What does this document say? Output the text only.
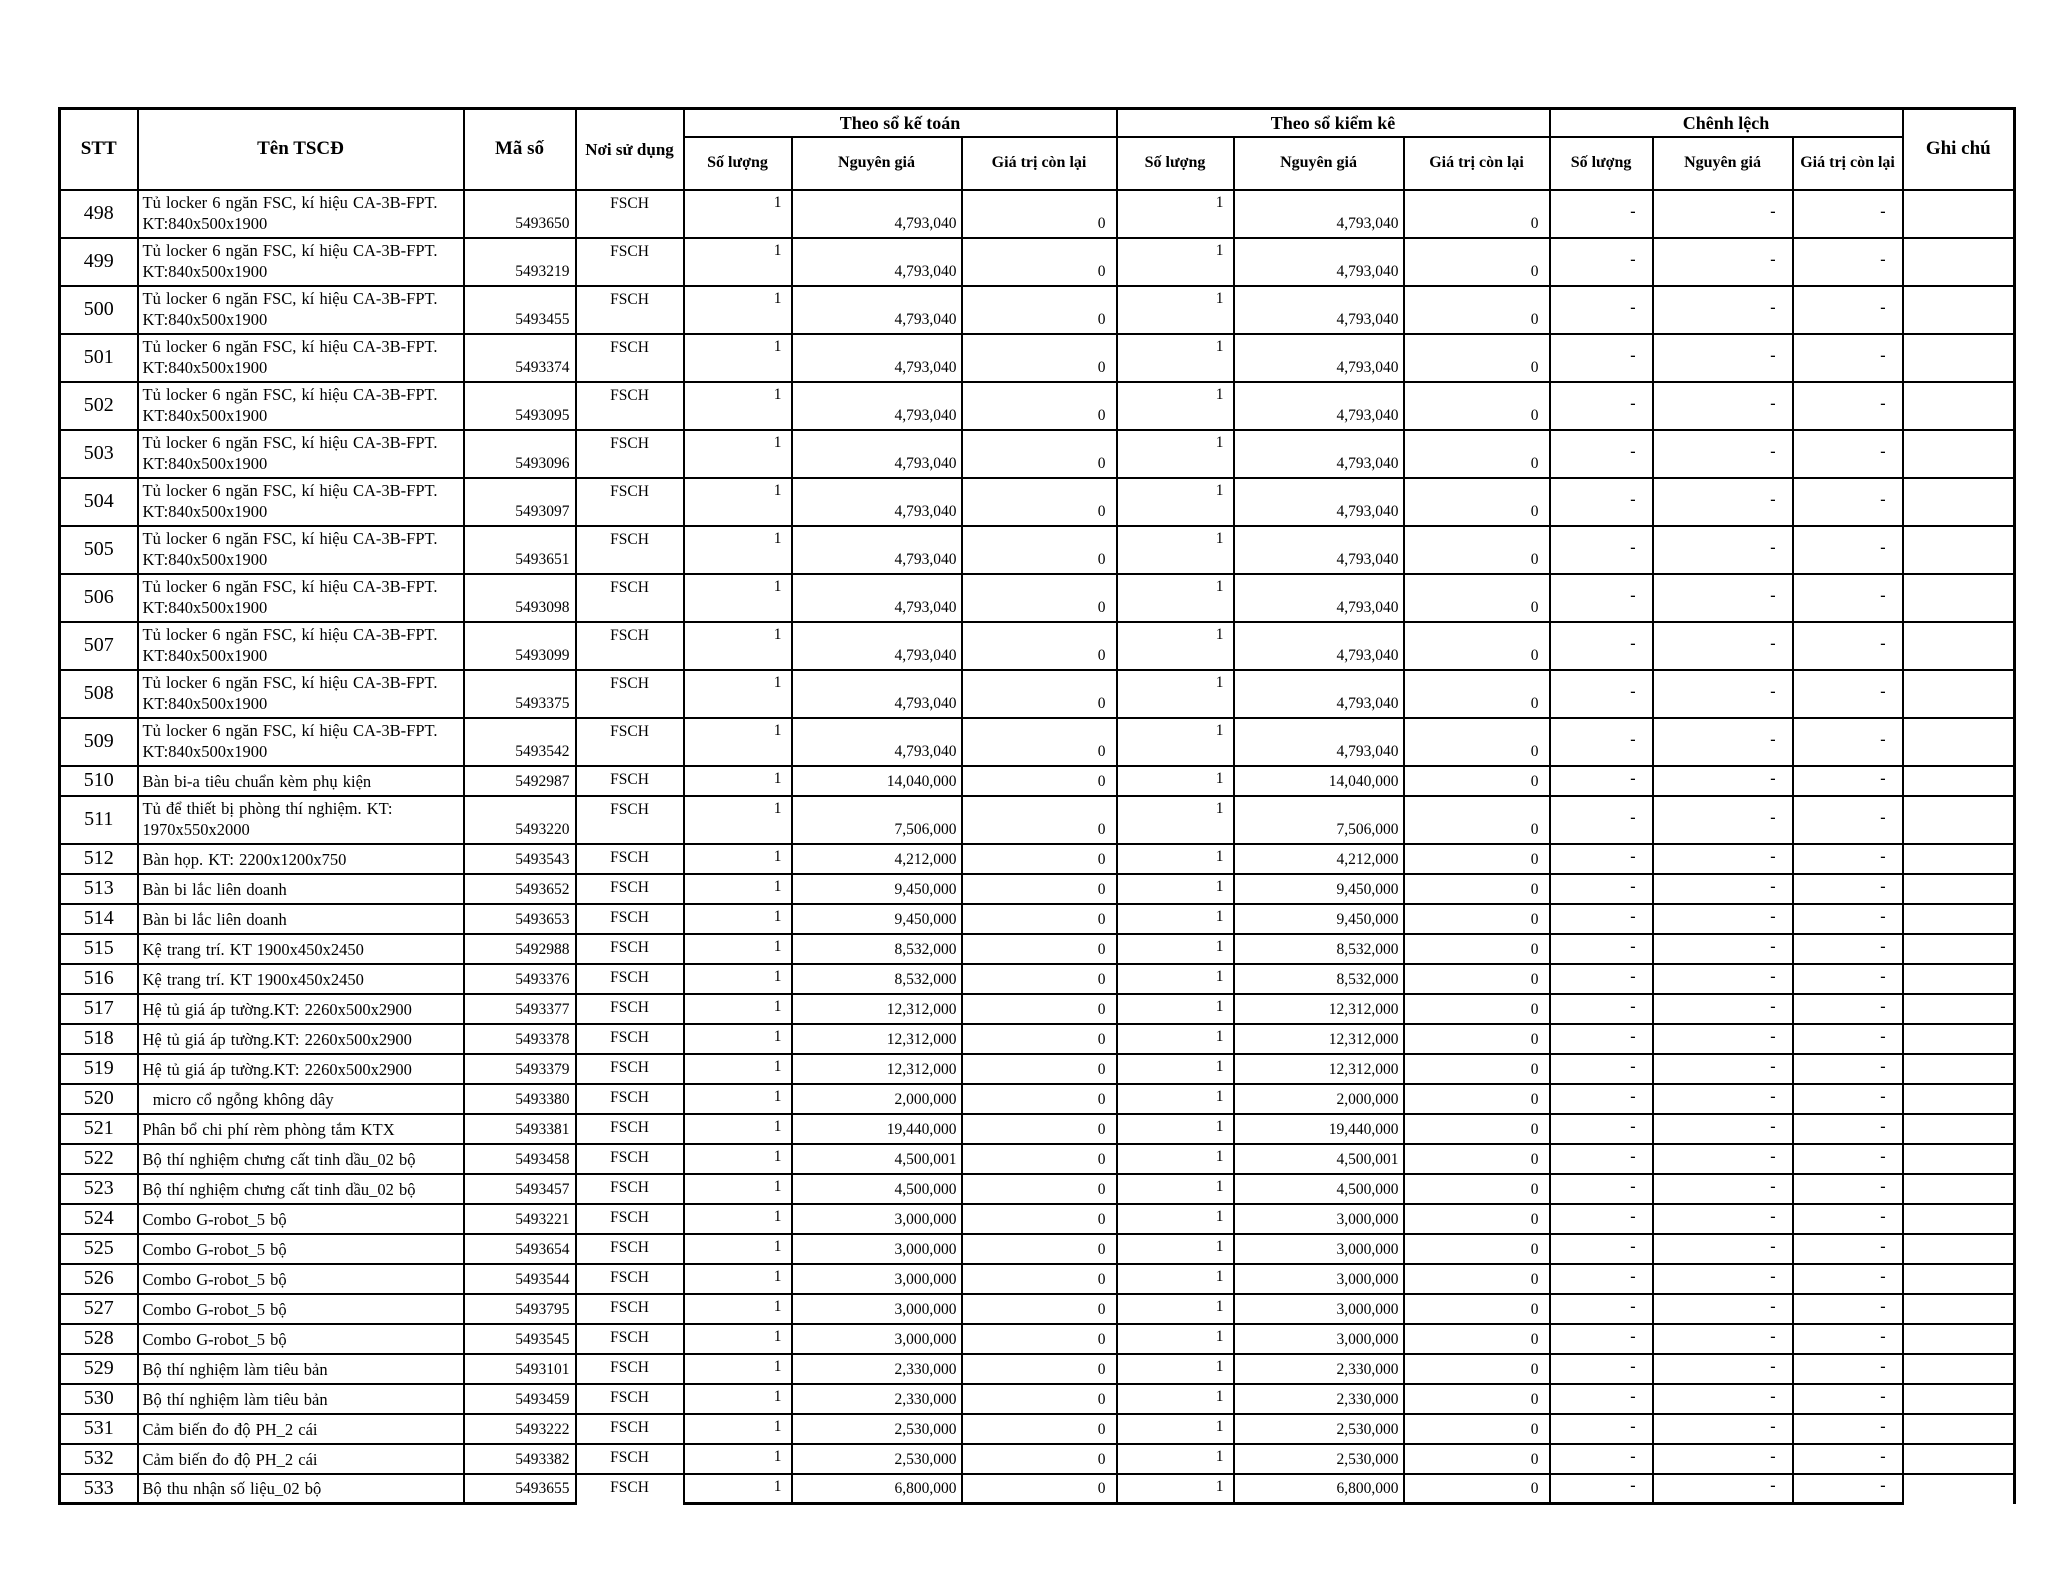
STT	Tên TSCĐ	Mã số	Nơi sử dụng	Theo sổ kế toán			Theo sổ kiểm kê			Chênh lệch			Ghi chú
				Số lượng	Nguyên giá	Giá trị còn lại	Số lượng	Nguyên giá	Giá trị còn lại	Số lượng	Nguyên giá	Giá trị còn lại	
498	Tủ locker 6 ngăn FSC, kí hiệu CA-3B-FPT. KT:840x500x1900	5493650	FSCH	1	4,793,040	0	1	4,793,040	0	-	-	-	
499	Tủ locker 6 ngăn FSC, kí hiệu CA-3B-FPT. KT:840x500x1900	5493219	FSCH	1	4,793,040	0	1	4,793,040	0	-	-	-	
500	Tủ locker 6 ngăn FSC, kí hiệu CA-3B-FPT. KT:840x500x1900	5493455	FSCH	1	4,793,040	0	1	4,793,040	0	-	-	-	
501	Tủ locker 6 ngăn FSC, kí hiệu CA-3B-FPT. KT:840x500x1900	5493374	FSCH	1	4,793,040	0	1	4,793,040	0	-	-	-	
502	Tủ locker 6 ngăn FSC, kí hiệu CA-3B-FPT. KT:840x500x1900	5493095	FSCH	1	4,793,040	0	1	4,793,040	0	-	-	-	
503	Tủ locker 6 ngăn FSC, kí hiệu CA-3B-FPT. KT:840x500x1900	5493096	FSCH	1	4,793,040	0	1	4,793,040	0	-	-	-	
504	Tủ locker 6 ngăn FSC, kí hiệu CA-3B-FPT. KT:840x500x1900	5493097	FSCH	1	4,793,040	0	1	4,793,040	0	-	-	-	
505	Tủ locker 6 ngăn FSC, kí hiệu CA-3B-FPT. KT:840x500x1900	5493651	FSCH	1	4,793,040	0	1	4,793,040	0	-	-	-	
506	Tủ locker 6 ngăn FSC, kí hiệu CA-3B-FPT. KT:840x500x1900	5493098	FSCH	1	4,793,040	0	1	4,793,040	0	-	-	-	
507	Tủ locker 6 ngăn FSC, kí hiệu CA-3B-FPT. KT:840x500x1900	5493099	FSCH	1	4,793,040	0	1	4,793,040	0	-	-	-	
508	Tủ locker 6 ngăn FSC, kí hiệu CA-3B-FPT. KT:840x500x1900	5493375	FSCH	1	4,793,040	0	1	4,793,040	0	-	-	-	
509	Tủ locker 6 ngăn FSC, kí hiệu CA-3B-FPT. KT:840x500x1900	5493542	FSCH	1	4,793,040	0	1	4,793,040	0	-	-	-	
510	Bàn bi-a tiêu chuẩn kèm phụ kiện	5492987	FSCH	1	14,040,000	0	1	14,040,000	0	-	-	-	
511	Tủ để thiết bị phòng thí nghiệm. KT: 1970x550x2000	5493220	FSCH	1	7,506,000	0	1	7,506,000	0	-	-	-	
512	Bàn họp. KT: 2200x1200x750	5493543	FSCH	1	4,212,000	0	1	4,212,000	0	-	-	-	
513	Bàn bi lắc liên doanh	5493652	FSCH	1	9,450,000	0	1	9,450,000	0	-	-	-	
514	Bàn bi lắc liên doanh	5493653	FSCH	1	9,450,000	0	1	9,450,000	0	-	-	-	
515	Kệ trang trí. KT 1900x450x2450	5492988	FSCH	1	8,532,000	0	1	8,532,000	0	-	-	-	
516	Kệ trang trí. KT 1900x450x2450	5493376	FSCH	1	8,532,000	0	1	8,532,000	0	-	-	-	
517	Hệ tủ giá áp tường.KT: 2260x500x2900	5493377	FSCH	1	12,312,000	0	1	12,312,000	0	-	-	-	
518	Hệ tủ giá áp tường.KT: 2260x500x2900	5493378	FSCH	1	12,312,000	0	1	12,312,000	0	-	-	-	
519	Hệ tủ giá áp tường.KT: 2260x500x2900	5493379	FSCH	1	12,312,000	0	1	12,312,000	0	-	-	-	
520	micro cổ ngỗng không dây	5493380	FSCH	1	2,000,000	0	1	2,000,000	0	-	-	-	
521	Phân bổ chi phí rèm phòng tắm KTX	5493381	FSCH	1	19,440,000	0	1	19,440,000	0	-	-	-	
522	Bộ thí nghiệm chưng cất tinh dầu_02 bộ	5493458	FSCH	1	4,500,001	0	1	4,500,001	0	-	-	-	
523	Bộ thí nghiệm chưng cất tinh dầu_02 bộ	5493457	FSCH	1	4,500,000	0	1	4,500,000	0	-	-	-	
524	Combo G-robot_5 bộ	5493221	FSCH	1	3,000,000	0	1	3,000,000	0	-	-	-	
525	Combo G-robot_5 bộ	5493654	FSCH	1	3,000,000	0	1	3,000,000	0	-	-	-	
526	Combo G-robot_5 bộ	5493544	FSCH	1	3,000,000	0	1	3,000,000	0	-	-	-	
527	Combo G-robot_5 bộ	5493795	FSCH	1	3,000,000	0	1	3,000,000	0	-	-	-	
528	Combo G-robot_5 bộ	5493545	FSCH	1	3,000,000	0	1	3,000,000	0	-	-	-	
529	Bộ thí nghiệm làm tiêu bản	5493101	FSCH	1	2,330,000	0	1	2,330,000	0	-	-	-	
530	Bộ thí nghiệm làm tiêu bản	5493459	FSCH	1	2,330,000	0	1	2,330,000	0	-	-	-	
531	Cảm biến đo độ PH_2 cái	5493222	FSCH	1	2,530,000	0	1	2,530,000	0	-	-	-	
532	Cảm biến đo độ PH_2 cái	5493382	FSCH	1	2,530,000	0	1	2,530,000	0	-	-	-	
533	Bộ thu nhận số liệu_02 bộ	5493655	FSCH	1	6,800,000	0	1	6,800,000	0	-	-	-	
